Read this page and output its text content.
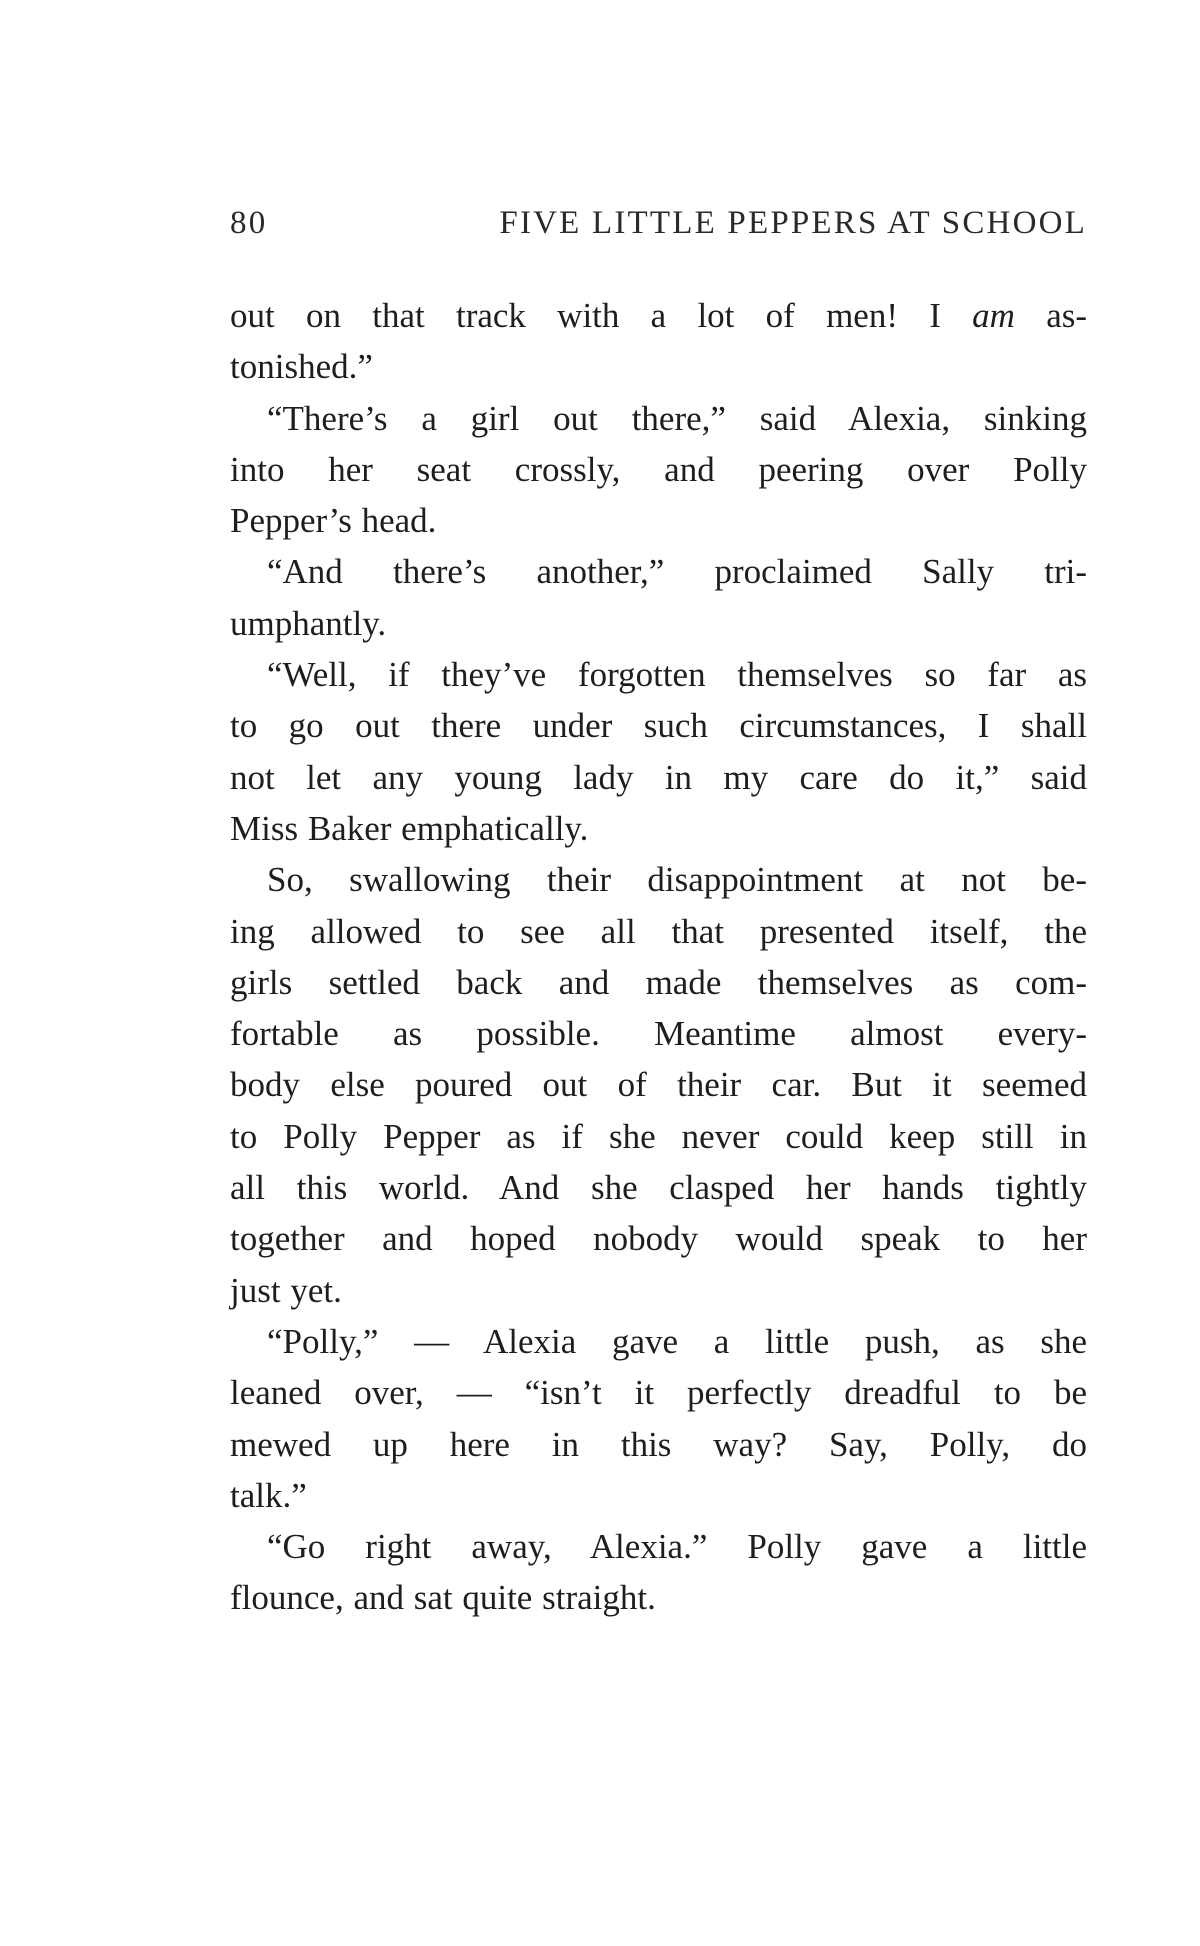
80	FIVE LITTLE PEPPERS AT SCHOOL

out on that track with a lot of men! I am as-
tonished.”

“There’s a girl out there,” said Alexia, sinking
into her seat crossly, and peering over Polly
Pepper’s head.

“And there’s another,” proclaimed Sally tri-
umphantly.

“Well, if they’ve forgotten themselves so far as
to go out there under such circumstances, I shall
not let any young lady in my care do it,” said
Miss Baker emphatically.

So, swallowing their disappointment at not be-
ing allowed to see all that presented itself, the
girls settled back and made themselves as com-
fortable as possible. Meantime almost every-
body else poured out of their car. But it seemed
to Polly Pepper as if she never could keep still in
all this world. And she clasped her hands tightly
together and hoped nobody would speak to her
just yet.

“Polly,” — Alexia gave a little push, as she
leaned over, — “isn’t it perfectly dreadful to be
mewed up here in this way? Say, Polly, do
talk.”

“Go right away, Alexia.” Polly gave a little
flounce, and sat quite straight.
